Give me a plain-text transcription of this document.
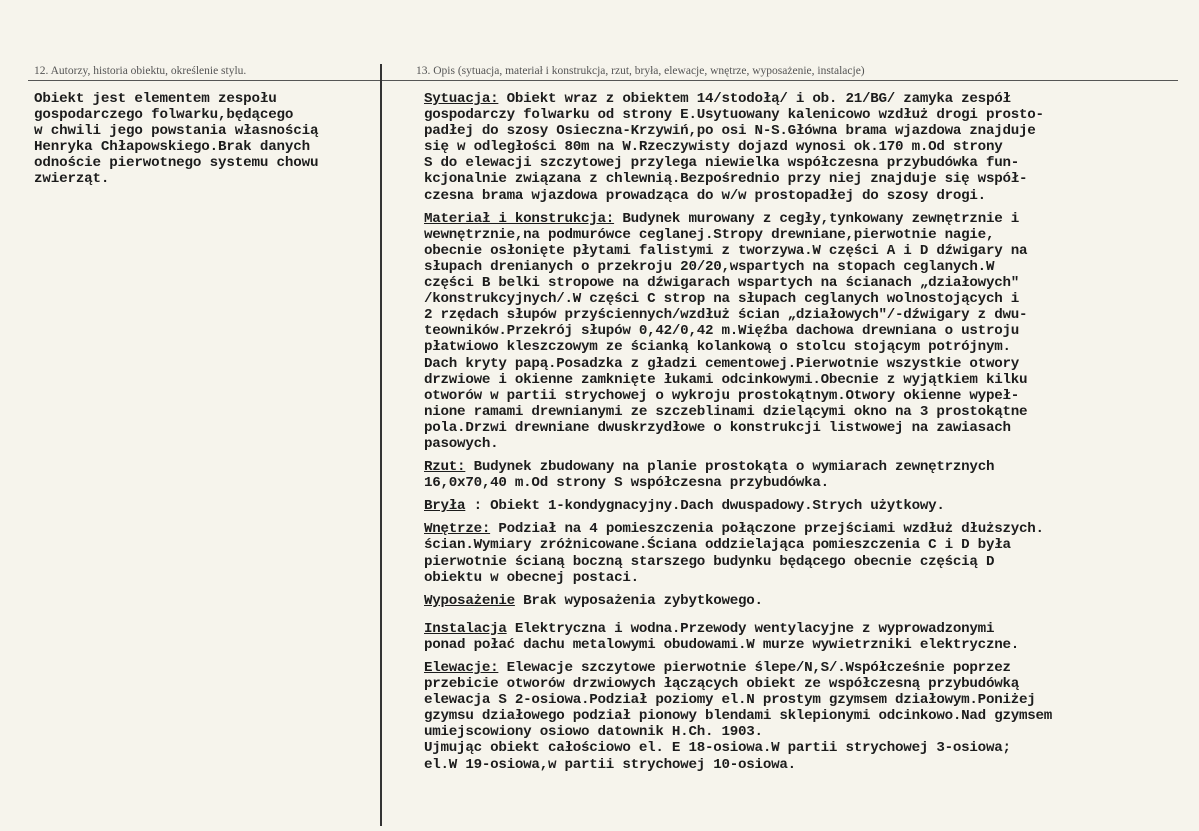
12. Autorzy, historia obiektu, określenie stylu.	13. Opis (sytuacja, materiał i konstrukcja, rzut, bryła, elewacje, wnętrze, wyposażenie, instalacje)
Obiekt jest elementem zespołu
gospodarczego folwarku,będącego
w chwili jego powstania własnością
Henryka Chłapowskiego.Brak danych
odnoście pierwotnego systemu chowu
zwierząt.
Sytuacja: Obiekt wraz z obiektem 14/stodołą/ i ob. 21/BG/ zamyka zespół
gospodarczy folwarku od strony E.Usytuowany kalenicowo wzdłuż drogi prosto-
padłej do szosy Osieczna-Krzywiń,po osi N-S.Główna brama wjazdowa znajduje
się w odległości 80m na W.Rzeczywisty dojazd wynosi ok.170 m.Od strony
S do elewacji szczytowej przylega niewielka współczesna przybudówka fun-
kcjonalnie związana z chlewnią.Bezpośrednio przy niej znajduje się współ-
czesna brama wjazdowa prowadząca do w/w prostopadłej do szosy drogi.
Materiał i konstrukcja: Budynek murowany z cegły,tynkowany zewnętrznie i
wewnętrznie,na podmurówce ceglanej.Stropy drewniane,pierwotnie nagie,
obecnie osłonięte płytami falistymi z tworzywa.W części A i D dźwigary na
słupach drenianych o przekroju 20/20,wspartych na stopach ceglanych.W
części B belki stropowe na dźwigarach wspartych na ścianach „działowych"
/konstrukcyjnych/.W części C strop na słupach ceglanych wolnostojących i
2 rzędach słupów przyściennych/wzdłuż ścian „działowych"/-dźwigary z dwu-
teowników.Przekrój słupów 0,42/0,42 m.Więźba dachowa drewniana o ustroju
płatwiowo kleszczowym ze ścianką kolankową o stolcu stojącym potrójnym.
Dach kryty papą.Posadzka z gładzi cementowej.Pierwotnie wszystkie otwory
drzwiowe i okienne zamknięte łukami odcinkowymi.Obecnie z wyjątkiem kilku
otworów w partii strychowej o wykroju prostokątnym.Otwory okienne wypeł-
nione ramami drewnianymi ze szczeblinami dzielącymi okno na 3 prostokątne
pola.Drzwi drewniane dwuskrzydłowe o konstrukcji listwowej na zawiasach
pasowych.
Rzut: Budynek zbudowany na planie prostokąta o wymiarach zewnętrznych
16,0x70,40 m.Od strony S współczesna przybudówka.
Bryła : Obiekt 1-kondygnacyjny.Dach dwuspadowy.Strych użytkowy.
Wnętrze: Podział na 4 pomieszczenia połączone przejściami wzdłuż dłuższych.
ścian.Wymiary zróżnicowane.Ściana oddzielająca pomieszczenia C i D była
pierwotnie ścianą boczną starszego budynku będącego obecnie częścią D
obiektu w obecnej postaci.
Wyposażenie Brak wyposażenia zybytkowego.
Instalacja Elektryczna i wodna.Przewody wentylacyjne z wyprowadzonymi
ponad połać dachu metalowymi obudowami.W murze wywietrzniki elektryczne.
Elewacje: Elewacje szczytowe pierwotnie ślepe/N,S/.Współcześnie poprzez
przebicie otworów drzwiowych łączących obiekt ze współczesną przybudówką
elewacja S 2-osiowa.Podział poziomy el.N prostym gzymsem działowym.Poniżej
gzymsu działowego podział pionowy blendami sklepionymi odcinkowo.Nad gzymsem
umiejscowiony osiowo datownik H.Ch. 1903.
Ujmując obiekt całościowo el. E 18-osiowa.W partii strychowej 3-osiowa;
el.W 19-osiowa,w partii strychowej 10-osiowa.
